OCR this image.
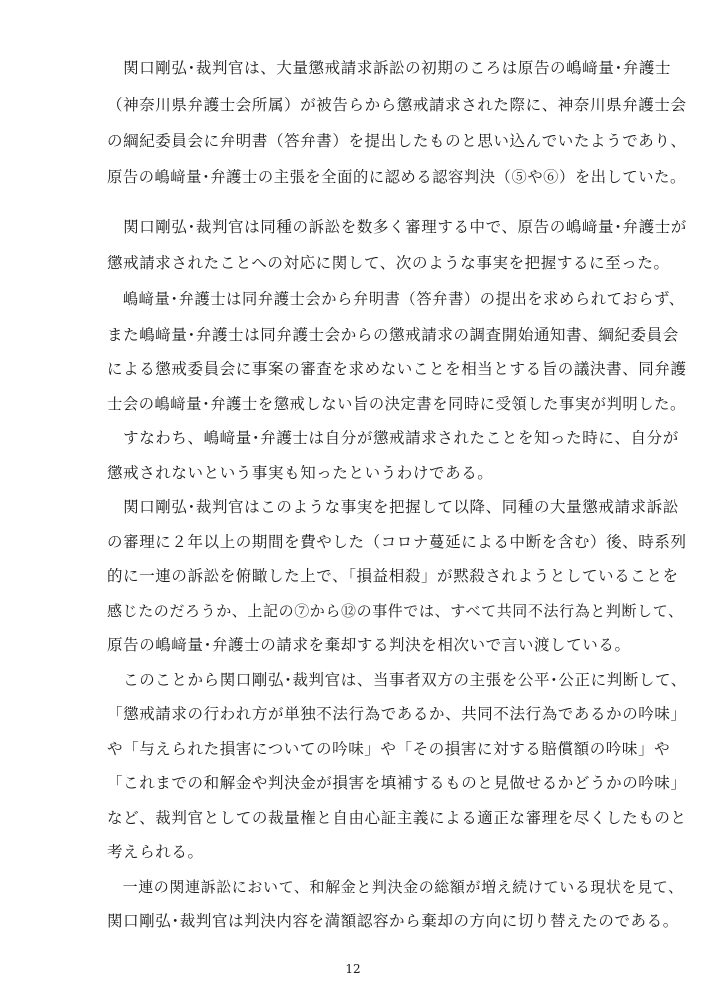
　関口剛弘･裁判官は、大量懲戒請求訴訟の初期のころは原告の嶋﨑量･弁護士
（神奈川県弁護士会所属）が被告らから懲戒請求された際に、神奈川県弁護士会
の綱紀委員会に弁明書（答弁書）を提出したものと思い込んでいたようであり、
原告の嶋﨑量･弁護士の主張を全面的に認める認容判決（⑤や⑥）を出していた。
　関口剛弘･裁判官は同種の訴訟を数多く審理する中で、原告の嶋﨑量･弁護士が
懲戒請求されたことへの対応に関して、次のような事実を把握するに至った。
　嶋﨑量･弁護士は同弁護士会から弁明書（答弁書）の提出を求められておらず、
また嶋﨑量･弁護士は同弁護士会からの懲戒請求の調査開始通知書、綱紀委員会
による懲戒委員会に事案の審査を求めないことを相当とする旨の議決書、同弁護
士会の嶋﨑量･弁護士を懲戒しない旨の決定書を同時に受領した事実が判明した。
　すなわち、嶋﨑量･弁護士は自分が懲戒請求されたことを知った時に、自分が
懲戒されないという事実も知ったというわけである。
　関口剛弘･裁判官はこのような事実を把握して以降、同種の大量懲戒請求訴訟
の審理に２年以上の期間を費やした（コロナ蔓延による中断を含む）後、時系列
的に一連の訴訟を俯瞰した上で、「損益相殺」が黙殺されようとしていることを
感じたのだろうか、上記の⑦から⑫の事件では、すべて共同不法行為と判断して、
原告の嶋﨑量･弁護士の請求を棄却する判決を相次いで言い渡している。
　このことから関口剛弘･裁判官は、当事者双方の主張を公平･公正に判断して、
「懲戒請求の行われ方が単独不法行為であるか、共同不法行為であるかの吟味」
や「与えられた損害についての吟味」や「その損害に対する賠償額の吟味」や
「これまでの和解金や判決金が損害を填補するものと見做せるかどうかの吟味」
など、裁判官としての裁量権と自由心証主義による適正な審理を尽くしたものと
考えられる。
　一連の関連訴訟において、和解金と判決金の総額が増え続けている現状を見て、
関口剛弘･裁判官は判決内容を満額認容から棄却の方向に切り替えたのである。
12
